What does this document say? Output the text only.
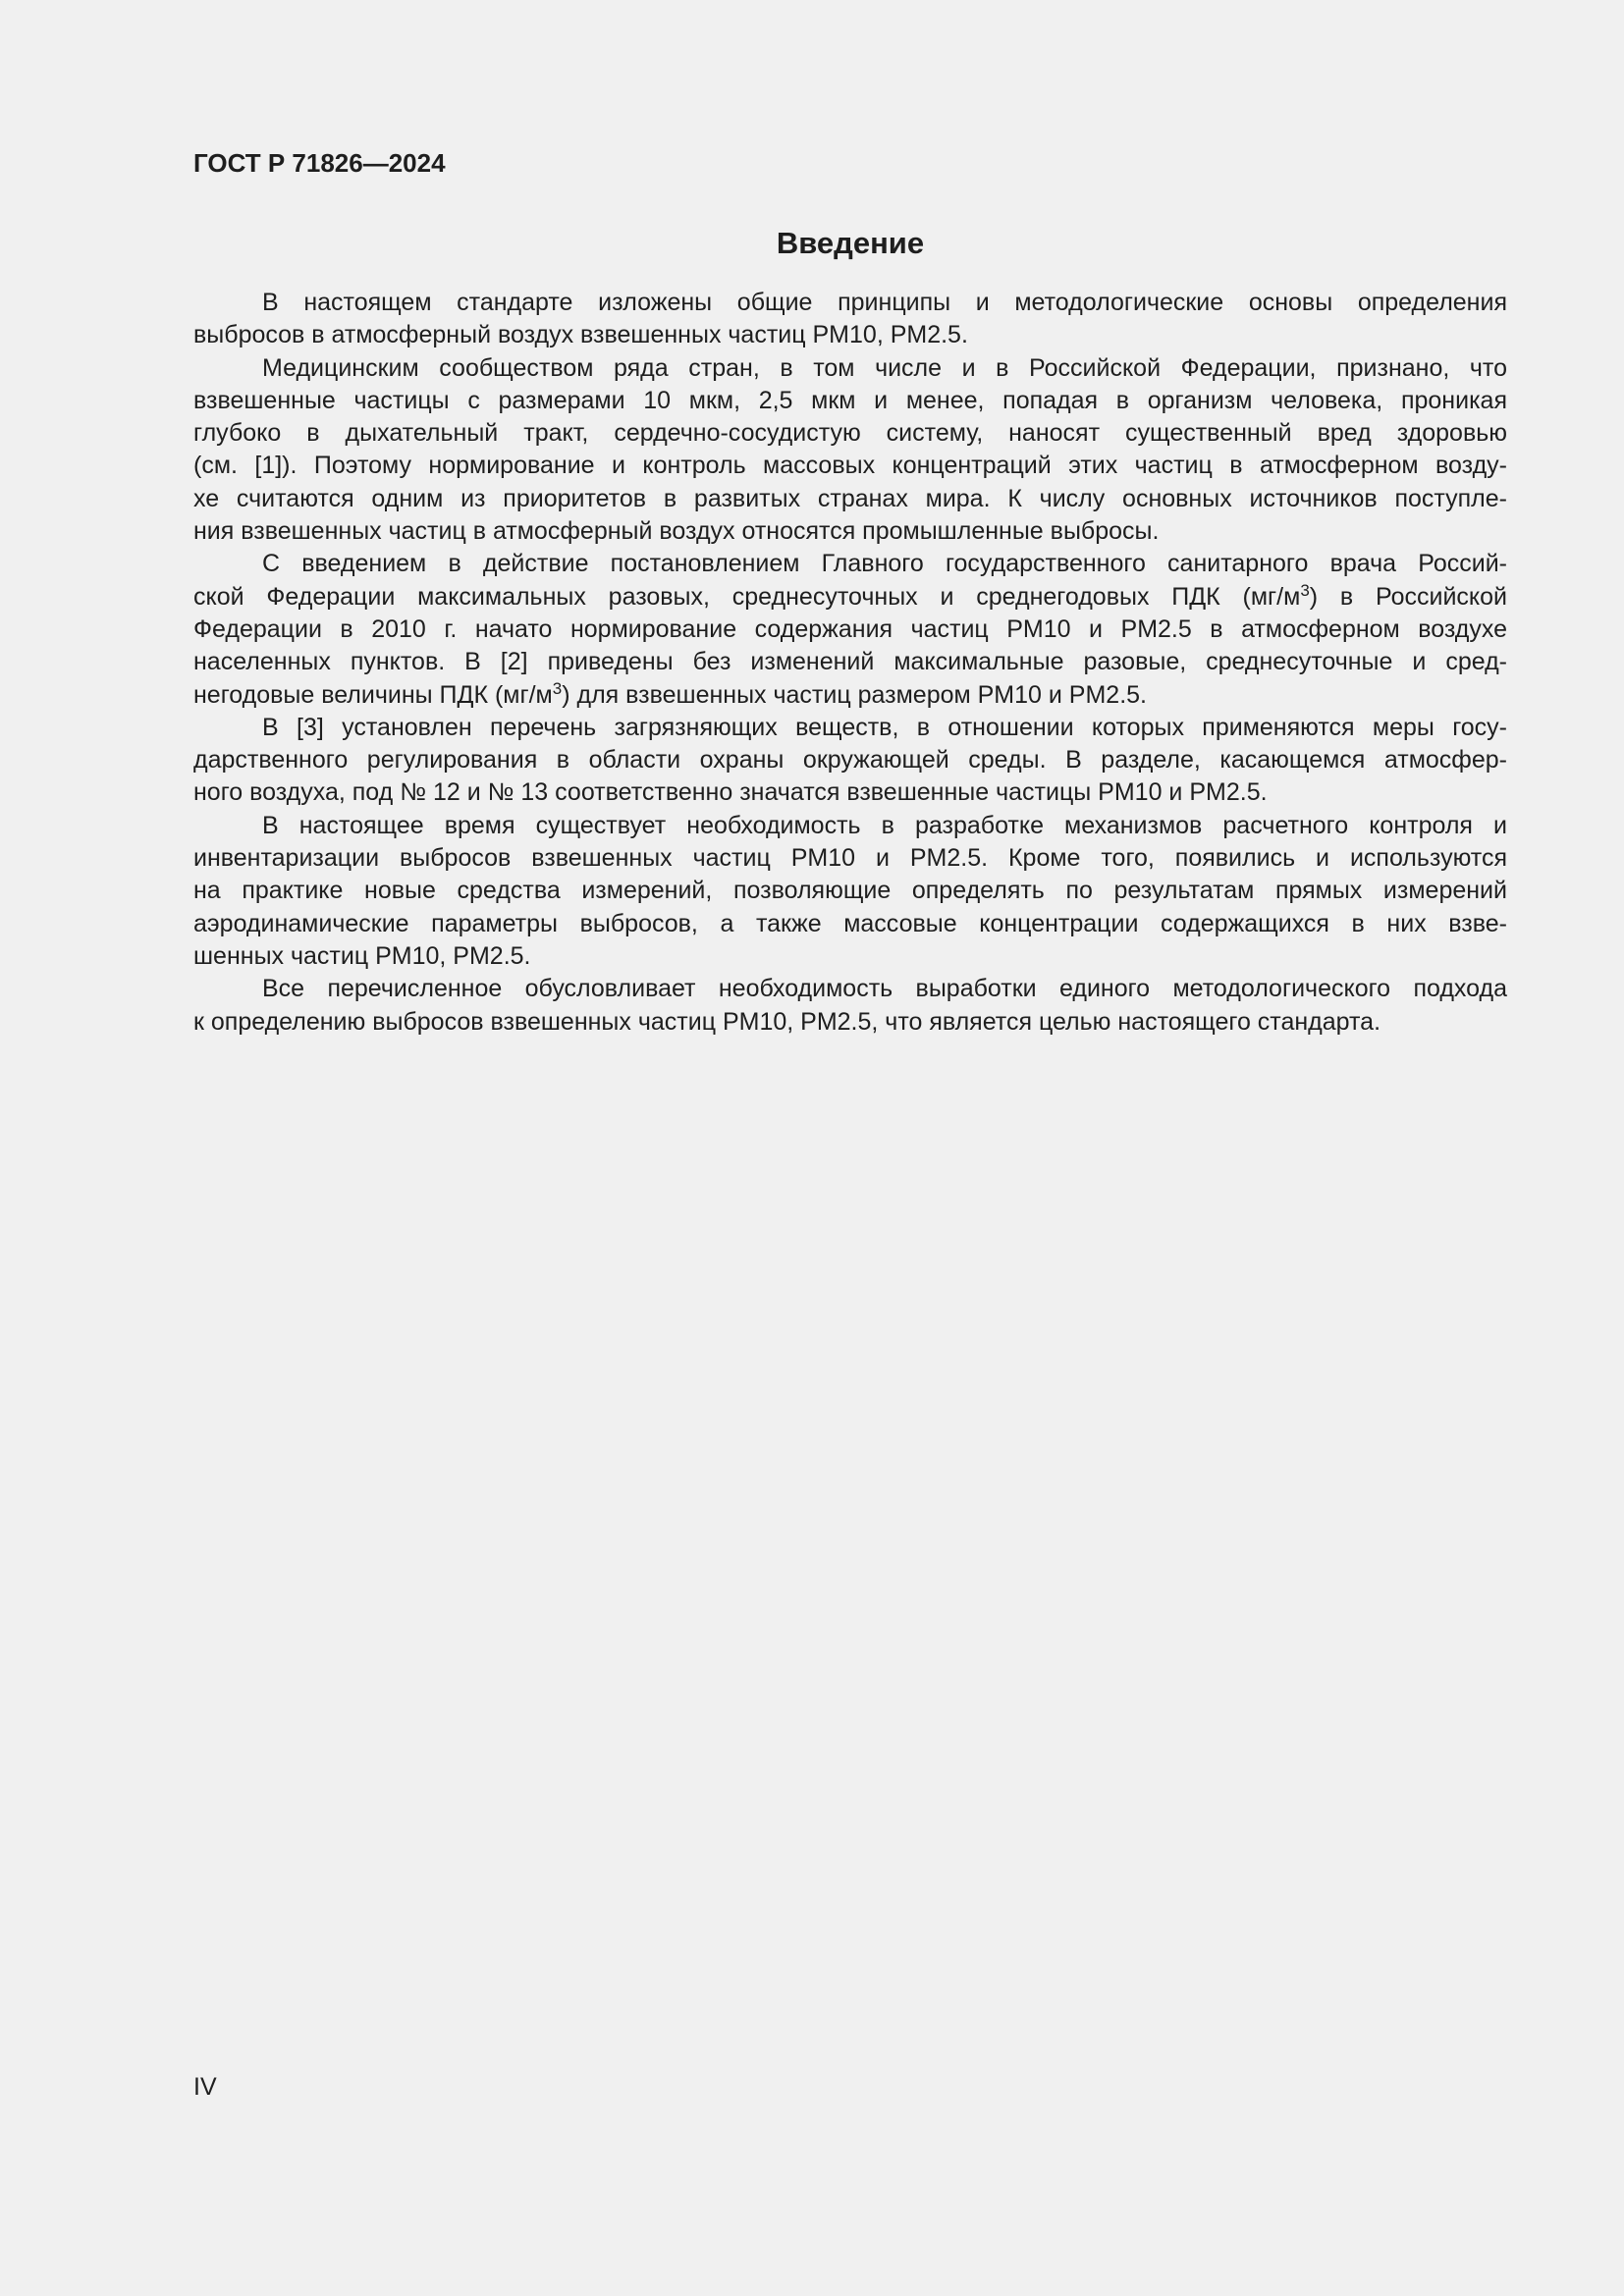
ГОСТ Р 71826—2024
Введение
В настоящем стандарте изложены общие принципы и методологические основы определения
выбросов в атмосферный воздух взвешенных частиц PM10, PM2.5.
Медицинским сообществом ряда стран, в том числе и в Российской Федерации, признано, что
взвешенные частицы с размерами 10 мкм, 2,5 мкм и менее, попадая в организм человека, проникая
глубоко в дыхательный тракт, сердечно-сосудистую систему, наносят существенный вред здоровью
(см. [1]). Поэтому нормирование и контроль массовых концентраций этих частиц в атмосферном возду-
хе считаются одним из приоритетов в развитых странах мира. К числу основных источников поступле-
ния взвешенных частиц в атмосферный воздух относятся промышленные выбросы.
С введением в действие постановлением Главного государственного санитарного врача Россий-
ской Федерации максимальных разовых, среднесуточных и среднегодовых ПДК $(мг/м^3)$ в Российской
Федерации в 2010 г. начато нормирование содержания частиц PM10 и PM2.5 в атмосферном воздухе
населенных пунктов. В [2] приведены без изменений максимальные разовые, среднесуточные и сред-
негодовые величины ПДК $(мг/м^3)$ для взвешенных частиц размером PM10 и PM2.5.
В [3] установлен перечень загрязняющих веществ, в отношении которых применяются меры госу-
дарственного регулирования в области охраны окружающей среды. В разделе, касающемся атмосфер-
ного воздуха, под № 12 и № 13 соответственно значатся взвешенные частицы PM10 и PM2.5.
В настоящее время существует необходимость в разработке механизмов расчетного контроля и
инвентаризации выбросов взвешенных частиц PM10 и PM2.5. Кроме того, появились и используются
на практике новые средства измерений, позволяющие определять по результатам прямых измерений
аэродинамические параметры выбросов, а также массовые концентрации содержащихся в них взве-
шенных частиц PM10, PM2.5.
Все перечисленное обусловливает необходимость выработки единого методологического подхода
к определению выбросов взвешенных частиц PM10, PM2.5, что является целью настоящего стандарта.
IV
